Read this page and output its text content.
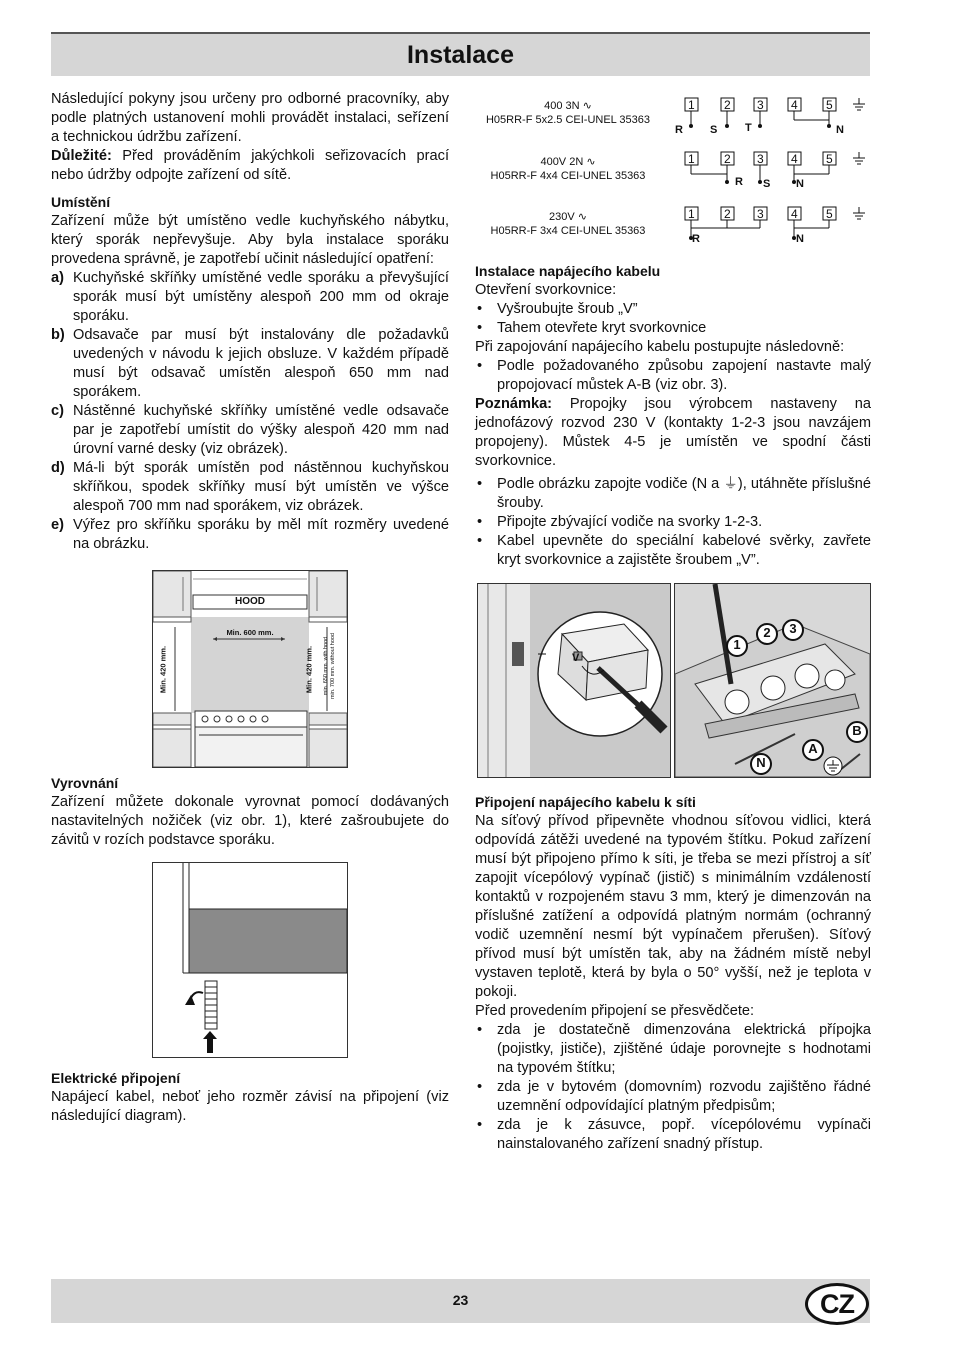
Instalace

Následující pokyny jsou určeny pro odborné pracovníky, aby podle platných ustanovení mohli provádět instalaci, seřízení a technickou údržbu zařízení.

Důležité: Před prováděním jakýchkoli seřizovacích prací nebo údržby odpojte zařízení od sítě.

Umístění

Zařízení může být umístěno vedle kuchyňského nábytku, který sporák nepřevyšuje. Aby byla instalace sporáku provedena správně, je zapotřebí učinit následující opatření:

a) Kuchyňské skříňky umístěné vedle sporáku a převyšující sporák musí být umístěny alespoň 200 mm od okraje sporáku.
b) Odsavače par musí být instalovány dle požadavků uvedených v návodu k jejich obsluze. V každém případě musí být odsavač umístěn alespoň 650 mm nad sporákem.
c) Nástěnné kuchyňské skříňky umístěné vedle odsavače par je zapotřebí umístit do výšky alespoň 420 mm nad úrovní varné desky (viz obrázek).
d) Má-li být sporák umístěn pod nástěnnou kuchyňskou skříňkou, spodek skříňky musí být umístěn ve výšce alespoň 700 mm nad sporákem, viz obrázek.
e) Výřez pro skříňku sporáku by měl mít rozměry uvedené na obrázku.
HOOD
Min. 600 mm.
Min. 420 mm.	Min. 420 mm. min. 650 mm. with hood min. 700 mm. without hood
Vyrovnání

Zařízení můžete dokonale vyrovnat pomocí dodávaných nastavitelných nožiček (viz obr. 1), které zašroubujete do závitů v rozích podstavce sporáku.

Elektrické připojení

Napájecí kabel, neboť jeho rozměr závisí na připojení (viz následující diagram).

400 3N ∿
H05RR-F 5x2.5 CEI-UNEL 35363
400V 2N ∿
H05RR-F 4x4 CEI-UNEL 35363
230V ∿
H05RR-F 3x4 CEI-UNEL 35363
1 2 3 4 5
1 2 3 4 5
1 2 3 4 5
R S	T	N
R S N
R	N
Instalace napájecího kabelu

Otevření svorkovnice:

• Vyšroubujte šroub „V”
• Tahem otevřete kryt svorkovnice

Při zapojování napájecího kabelu postupujte následovně:

• Podle požadovaného způsobu zapojení nastavte malý propojovací můstek A-B (viz obr. 3).

Poznámka: Propojky jsou výrobcem nastaveny na jednofázový rozvod 230 V (kontakty 1-2-3 jsou navzájem propojeny). Můstek 4-5 je umístěn ve spodní části svorkovnice.

• Podle obrázku zapojte vodiče (N a ⏚), utáhněte příslušné šrouby.
• Připojte zbývající vodiče na svorky 1-2-3.
• Kabel upevněte do speciální kabelové svěrky, zavřete kryt svorkovnice a zajistěte šroubem „V”.
V
1
2 3
B
A
N
Připojení napájecího kabelu k síti

Na síťový přívod připevněte vhodnou síťovou vidlici, která odpovídá zátěži uvedené na typovém štítku. Pokud zařízení musí být připojeno přímo k síti, je třeba se mezi přístroj a síť zapojit vícepólový vypínač (jistič) s minimálním vzdáleností kontaktů v rozpojeném stavu 3 mm, který je dimenzován na příslušné zatížení a odpovídá platným normám (ochranný vodič uzemnění nesmí být vypínačem přerušen). Síťový přívod musí být umístěn tak, aby na žádném místě nebyl vystaven teplotě, která by byla o 50° vyšší, než je teplota v pokoji.

Před provedením připojení se přesvědčete:

• zda je dostatečně dimenzována elektrická přípojka (pojistky, jističe), zjištěné údaje porovnejte s hodnotami na typovém štítku;
• zda je v bytovém (domovním) rozvodu zajištěno řádné uzemnění odpovídající platným předpisům;
• zda je k zásuvce, popř. vícepólovému vypínači nainstalovaného zařízení snadný přístup.
23	CZ
